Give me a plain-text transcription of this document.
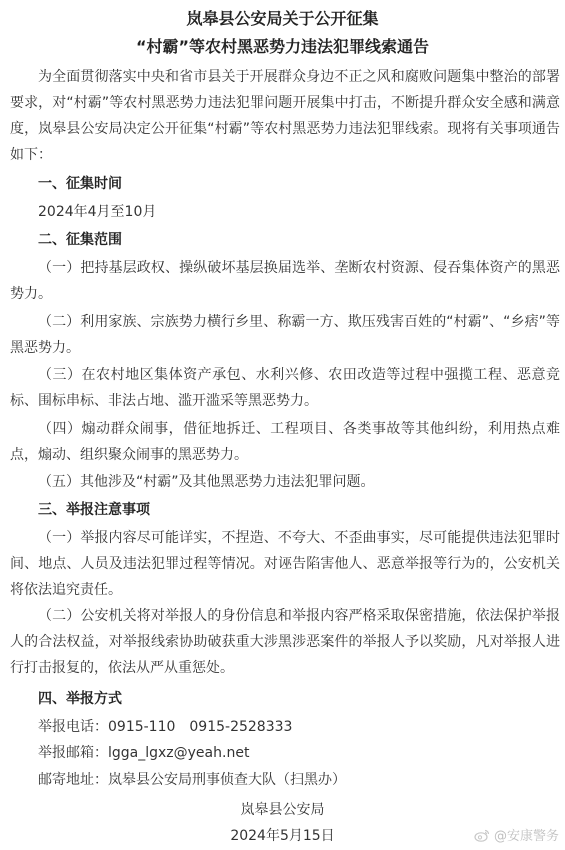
岚皋县公安局关于公开征集
“村霸”等农村黑恶势力违法犯罪线索通告
为全面贯彻落实中央和省市县关于开展群众身边不正之风和腐败问题集中整治的部署要求，对“村霸”等农村黑恶势力违法犯罪问题开展集中打击，不断提升群众安全感和满意度，岚皋县公安局决定公开征集“村霸”等农村黑恶势力违法犯罪线索。现将有关事项通告如下：
一、征集时间
2024年4月至10月
二、征集范围
（一）把持基层政权、操纵破坏基层换届选举、垄断农村资源、侵吞集体资产的黑恶势力。
（二）利用家族、宗族势力横行乡里、称霸一方、欺压残害百姓的“村霸”、“乡痞”等黑恶势力。
（三）在农村地区集体资产承包、水利兴修、农田改造等过程中强揽工程、恶意竞标、围标串标、非法占地、滥开滥采等黑恶势力。
（四）煽动群众闹事，借征地拆迁、工程项目、各类事故等其他纠纷，利用热点难点，煽动、组织聚众闹事的黑恶势力。
（五）其他涉及“村霸”及其他黑恶势力违法犯罪问题。
三、举报注意事项
（一）举报内容尽可能详实，不捏造、不夸大、不歪曲事实，尽可能提供违法犯罪时间、地点、人员及违法犯罪过程等情况。对诬告陷害他人、恶意举报等行为的，公安机关将依法追究责任。
（二）公安机关将对举报人的身份信息和举报内容严格采取保密措施，依法保护举报人的合法权益，对举报线索协助破获重大涉黑涉恶案件的举报人予以奖励，凡对举报人进行打击报复的，依法从严从重惩处。
四、举报方式
举报电话：0915-110　0915-2528333
举报邮箱：lgga_lgxz@yeah.net
邮寄地址：岚皋县公安局刑事侦查大队（扫黑办）
岚皋县公安局
2024年5月15日	@安康警务
